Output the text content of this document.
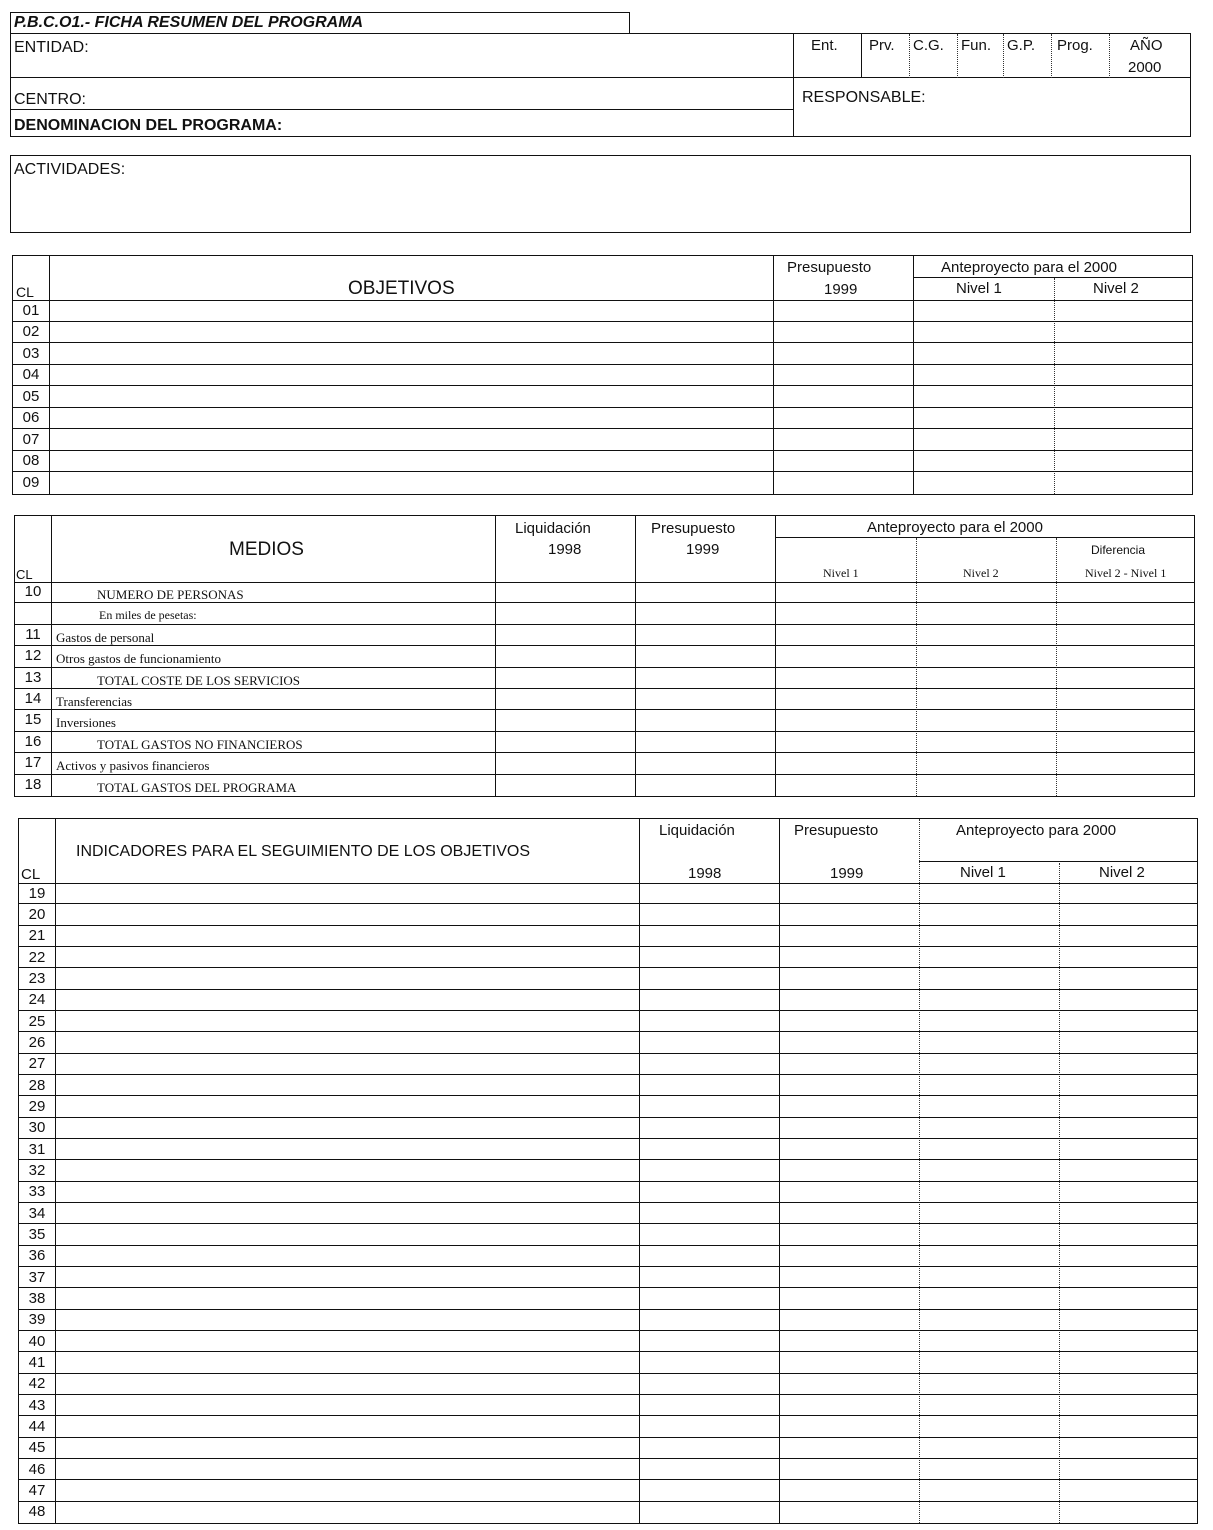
P.B.C.O1.- FICHA RESUMEN DEL PROGRAMA
ENTIDAD:
CENTRO:
DENOMINACION DEL PROGRAMA:
Ent. Prv. C.G. Fun. G.P. Prog. AÑO
2000
RESPONSABLE:
ACTIVIDADES:
CL	OBJETIVOS
Presupuesto
1999
Anteproyecto para el 2000
Nivel 1	Nivel 2
01
02
03
04
05
06
07
08
09
CL
MEDIOS
Liquidación
1998
Presupuesto
1999
Anteproyecto para el 2000
Diferencia
Nivel 1	Nivel 2	Nivel 2 - Nivel 1
10	NUMERO DE PERSONAS
En miles de pesetas:
11	Gastos de personal
12	Otros gastos de funcionamiento
13	TOTAL COSTE DE LOS SERVICIOS
14	Transferencias
15	Inversiones
16	TOTAL GASTOS NO FINANCIEROS
17	Activos y pasivos financieros
18	TOTAL GASTOS DEL PROGRAMA
CL
INDICADORES PARA EL SEGUIMIENTO DE LOS OBJETIVOS
Liquidación
1998
Presupuesto
1999
Anteproyecto para 2000
Nivel 1	Nivel 2
19
20
21
22
23
24
25
26
27
28
29
30
31
32
33
34
35
36
37
38
39
40
41
42
43
44
45
46
47
48
